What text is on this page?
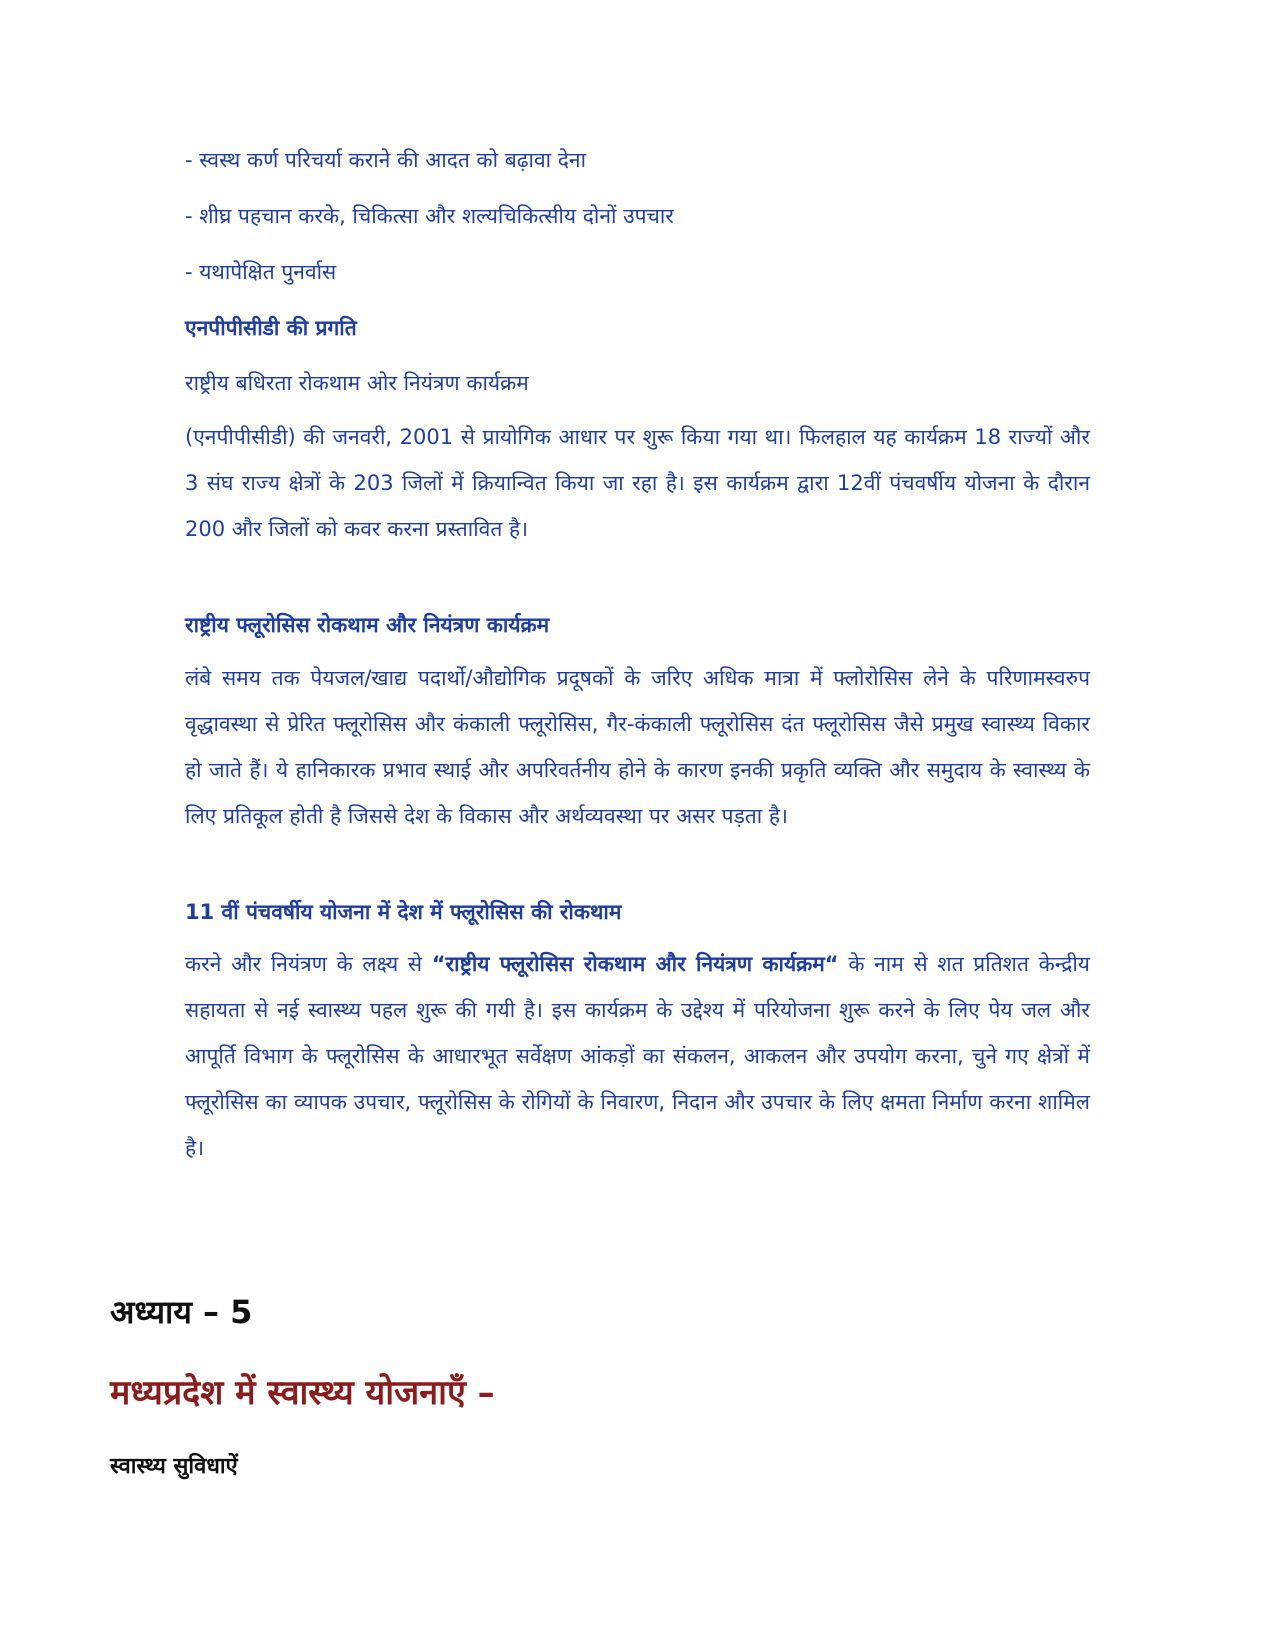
- स्वस्थ कर्ण परिचर्या कराने की आदत को बढ़ावा देना
- शीघ्र पहचान करके, चिकित्सा और शल्यचिकित्सीय दोनों उपचार
- यथापेक्षित पुनर्वास
एनपीपीसीडी की प्रगति
राष्ट्रीय बधिरता रोकथाम ओर नियंत्रण कार्यक्रम
(एनपीपीसीडी) की जनवरी, 2001 से प्रायोगिक आधार पर शुरू किया गया था। फिलहाल यह कार्यक्रम 18 राज्यों और 3 संघ राज्य क्षेत्रों के 203 जिलों में क्रियान्वित किया जा रहा है। इस कार्यक्रम द्वारा 12वीं पंचवर्षीय योजना के दौरान 200 और जिलों को कवर करना प्रस्तावित है।
राष्ट्रीय फ्लूरोसिस रोकथाम और नियंत्रण कार्यक्रम
लंबे समय तक पेयजल/खाद्य पदार्थो/औद्योगिक प्रदूषकों के जरिए अधिक मात्रा में फ्लोरोसिस लेने के परिणामस्वरुप वृद्धावस्था से प्रेरित फ्लूरोसिस और कंकाली फ्लूरोसिस, गैर-कंकाली फ्लूरोसिस दंत फ्लूरोसिस जैसे प्रमुख स्वास्थ्य विकार हो जाते हैं। ये हानिकारक प्रभाव स्थाई और अपरिवर्तनीय होने के कारण इनकी प्रकृति व्यक्ति और समुदाय के स्वास्थ्य के लिए प्रतिकूल होती है जिससे देश के विकास और अर्थव्यवस्था पर असर पड़ता है।
11 वीं पंचवर्षीय योजना में देश में फ्लूरोसिस की रोकथाम
करने और नियंत्रण के लक्ष्य से “राष्ट्रीय फ्लूरोसिस रोकथाम और नियंत्रण कार्यक्रम“ के नाम से शत प्रतिशत केन्द्रीय सहायता से नई स्वास्थ्य पहल शुरू की गयी है। इस कार्यक्रम के उद्देश्य में परियोजना शुरू करने के लिए पेय जल और आपूर्ति विभाग के फ्लूरोसिस के आधारभूत सर्वेक्षण आंकड़ों का संकलन, आकलन और उपयोग करना, चुने गए क्षेत्रों में फ्लूरोसिस का व्यापक उपचार, फ्लूरोसिस के रोगियों के निवारण, निदान और उपचार के लिए क्षमता निर्माण करना शामिल है।
अध्याय – 5
मध्यप्रदेश में स्वास्थ्य योजनाएँ –
स्वास्थ्य सुविधाऐं
